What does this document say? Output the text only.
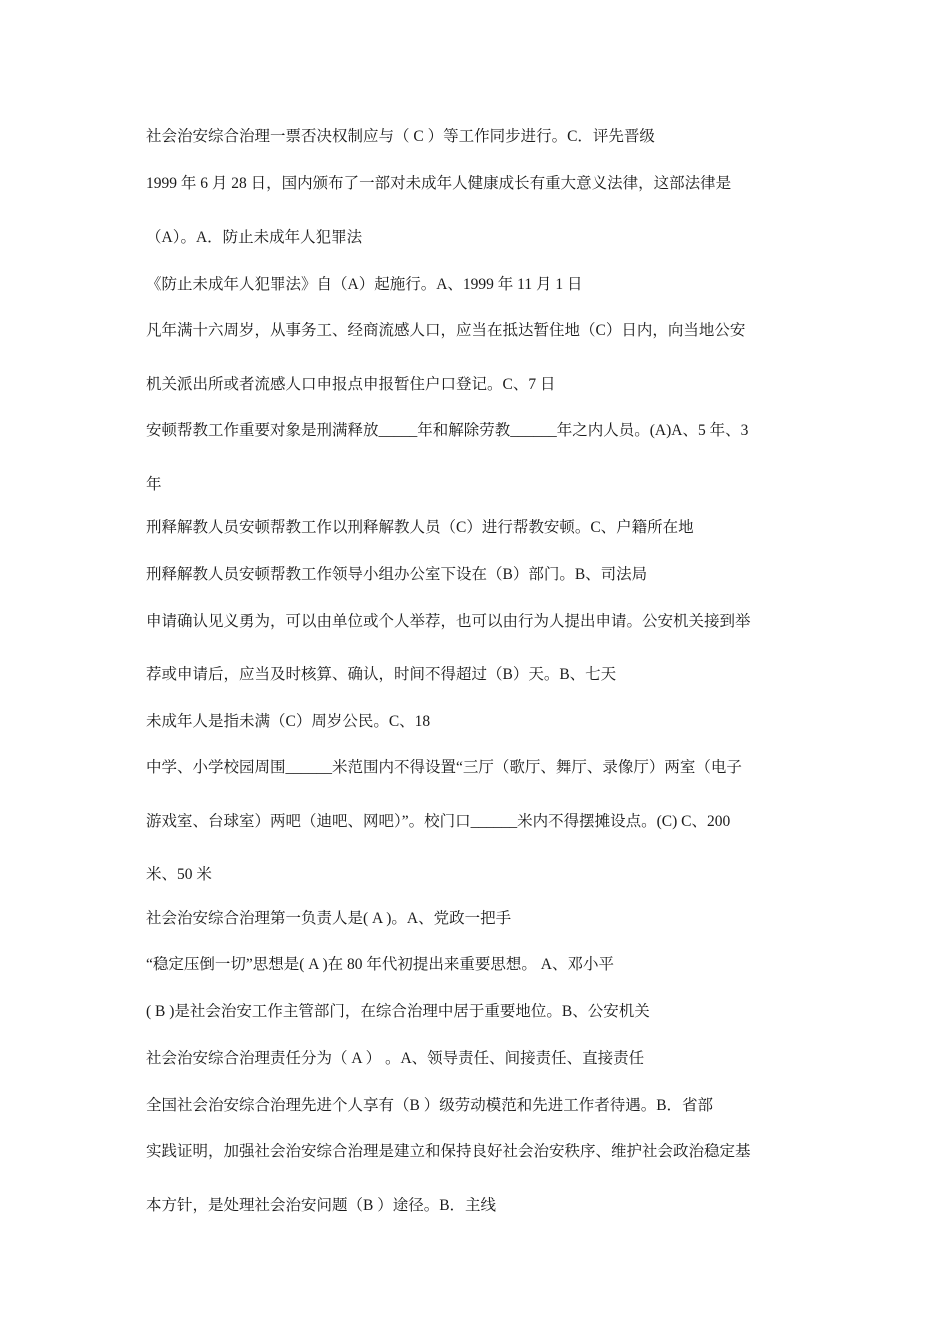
社会治安综合治理一票否决权制应与（ C ）等工作同步进行。C．评先晋级
1999 年 6 月 28 日，国内颁布了一部对未成年人健康成长有重大意义法律，这部法律是
（A）。A．防止未成年人犯罪法
《防止未成年人犯罪法》自（A）起施行。A、1999 年 11 月 1 日
凡年满十六周岁，从事务工、经商流感人口，应当在抵达暂住地（C）日内，向当地公安
机关派出所或者流感人口申报点申报暂住户口登记。C、7 日
安顿帮教工作重要对象是刑满释放_____年和解除劳教______年之内人员。(A)A、5 年、3
年
刑释解教人员安顿帮教工作以刑释解教人员（C）进行帮教安顿。C、户籍所在地
刑释解教人员安顿帮教工作领导小组办公室下设在（B）部门。B、司法局
申请确认见义勇为，可以由单位或个人举荐，也可以由行为人提出申请。公安机关接到举
荐或申请后，应当及时核算、确认，时间不得超过（B）天。B、七天
未成年人是指未满（C）周岁公民。C、18
中学、小学校园周围______米范围内不得设置“三厅（歌厅、舞厅、录像厅）两室（电子
游戏室、台球室）两吧（迪吧、网吧）”。校门口______米内不得摆摊设点。(C) C、200
米、50 米
社会治安综合治理第一负责人是( A )。A、党政一把手
“稳定压倒一切”思想是( A )在 80 年代初提出来重要思想。 A、邓小平
( B )是社会治安工作主管部门，在综合治理中居于重要地位。B、公安机关
社会治安综合治理责任分为（ A ） 。A、领导责任、间接责任、直接责任
全国社会治安综合治理先进个人享有（B ）级劳动模范和先进工作者待遇。B．省部
实践证明，加强社会治安综合治理是建立和保持良好社会治安秩序、维护社会政治稳定基
本方针，是处理社会治安问题（B ）途径。B．主线
